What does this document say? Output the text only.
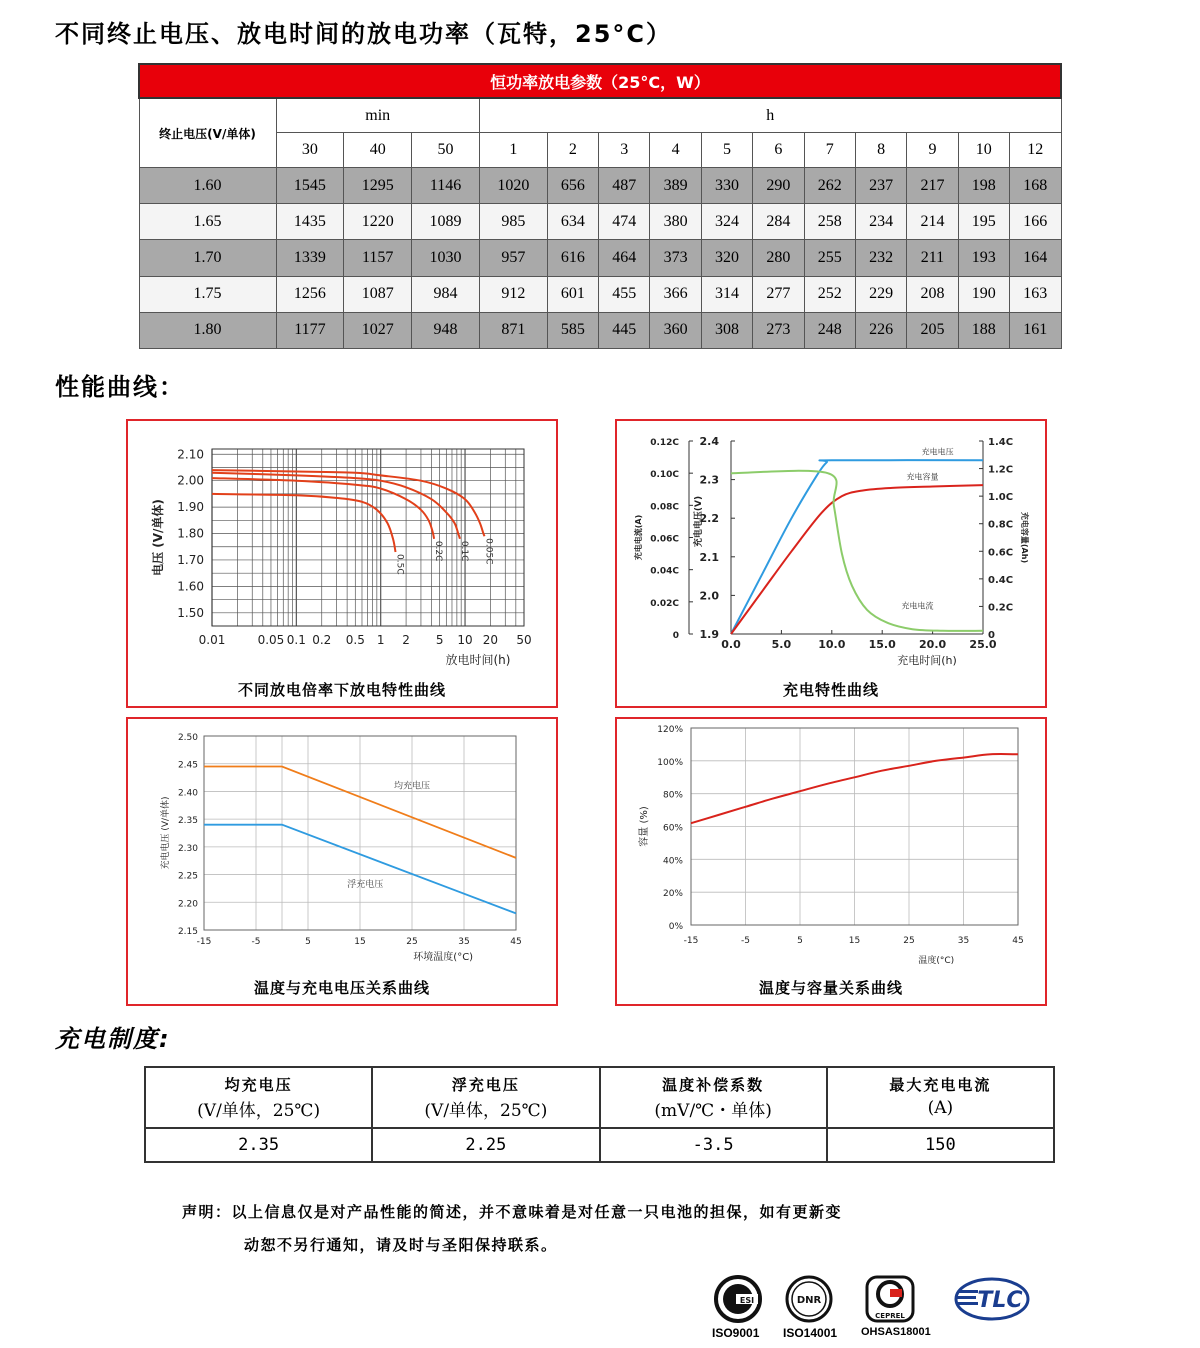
不同终止电压、放电时间的放电功率（瓦特，25°C）
恒功率放电参数（25°C，W）														
终止电压(V/单体)	min			h										
	30	40	50	1	2	3	4	5	6	7	8	9	10	12
1.60	1545	1295	1146	1020	656	487	389	330	290	262	237	217	198	168
1.65	1435	1220	1089	985	634	474	380	324	284	258	234	214	195	166
1.70	1339	1157	1030	957	616	464	373	320	280	255	232	211	193	164
1.75	1256	1087	984	912	601	455	366	314	277	252	229	208	190	163
1.80	1177	1027	948	871	585	445	360	308	273	248	226	205	188	161
性能曲线：
2.10
2.00
1.90
1.80
1.70
1.60
1.50
0.01	0.05 0.1 0.2 0.5 1 2 5 10 20 50
放电时间(h)
电压 (V/单体)	0.05C
0.1C
0.2C
0.5C
不同放电倍率下放电特性曲线
0.0	5.0 10.0 15.0 20.0 25.0
充电时间(h)
2.4
2.3
2.2
2.1
2.0
1.9
1.4C
1.2C
1.0C
0.8C
0.6C
0.4C
0.2C
0
0.12C
0.10C
0.08C
0.06C
0.04C
0.02C
0
充电电流(A)	充电电压(V)	充电容量(Ah)
充电电压
充电容量
充电电流
充电特性曲线
2.50
2.45
2.40
2.35
2.30
2.25
2.20
2.15
-15	-5	5	15	25	35	45
环境温度(°C)
充电电压 (V/单体)
均充电压
浮充电压
温度与充电电压关系曲线
120%
100%
80%
60%
40%
20%
0%
-15	-5	5	15	25	35	45
温度(°C)
容量 (%)
温度与容量关系曲线
充电制度:
均充电压	浮充电压	温度补偿系数	最大充电电流
(V/单体，25℃)	(V/单体，25℃)	(mV/℃・单体)	(A)
2.35	2.25	-3.5	150
声明：以上信息仅是对产品性能的简述，并不意味着是对任意一只电池的担保，如有更新变
动恕不另行通知，请及时与圣阳保持联系。
ESI	DNR
CEPREL
TLC
ISO9001 ISO14001 OHSAS18001
